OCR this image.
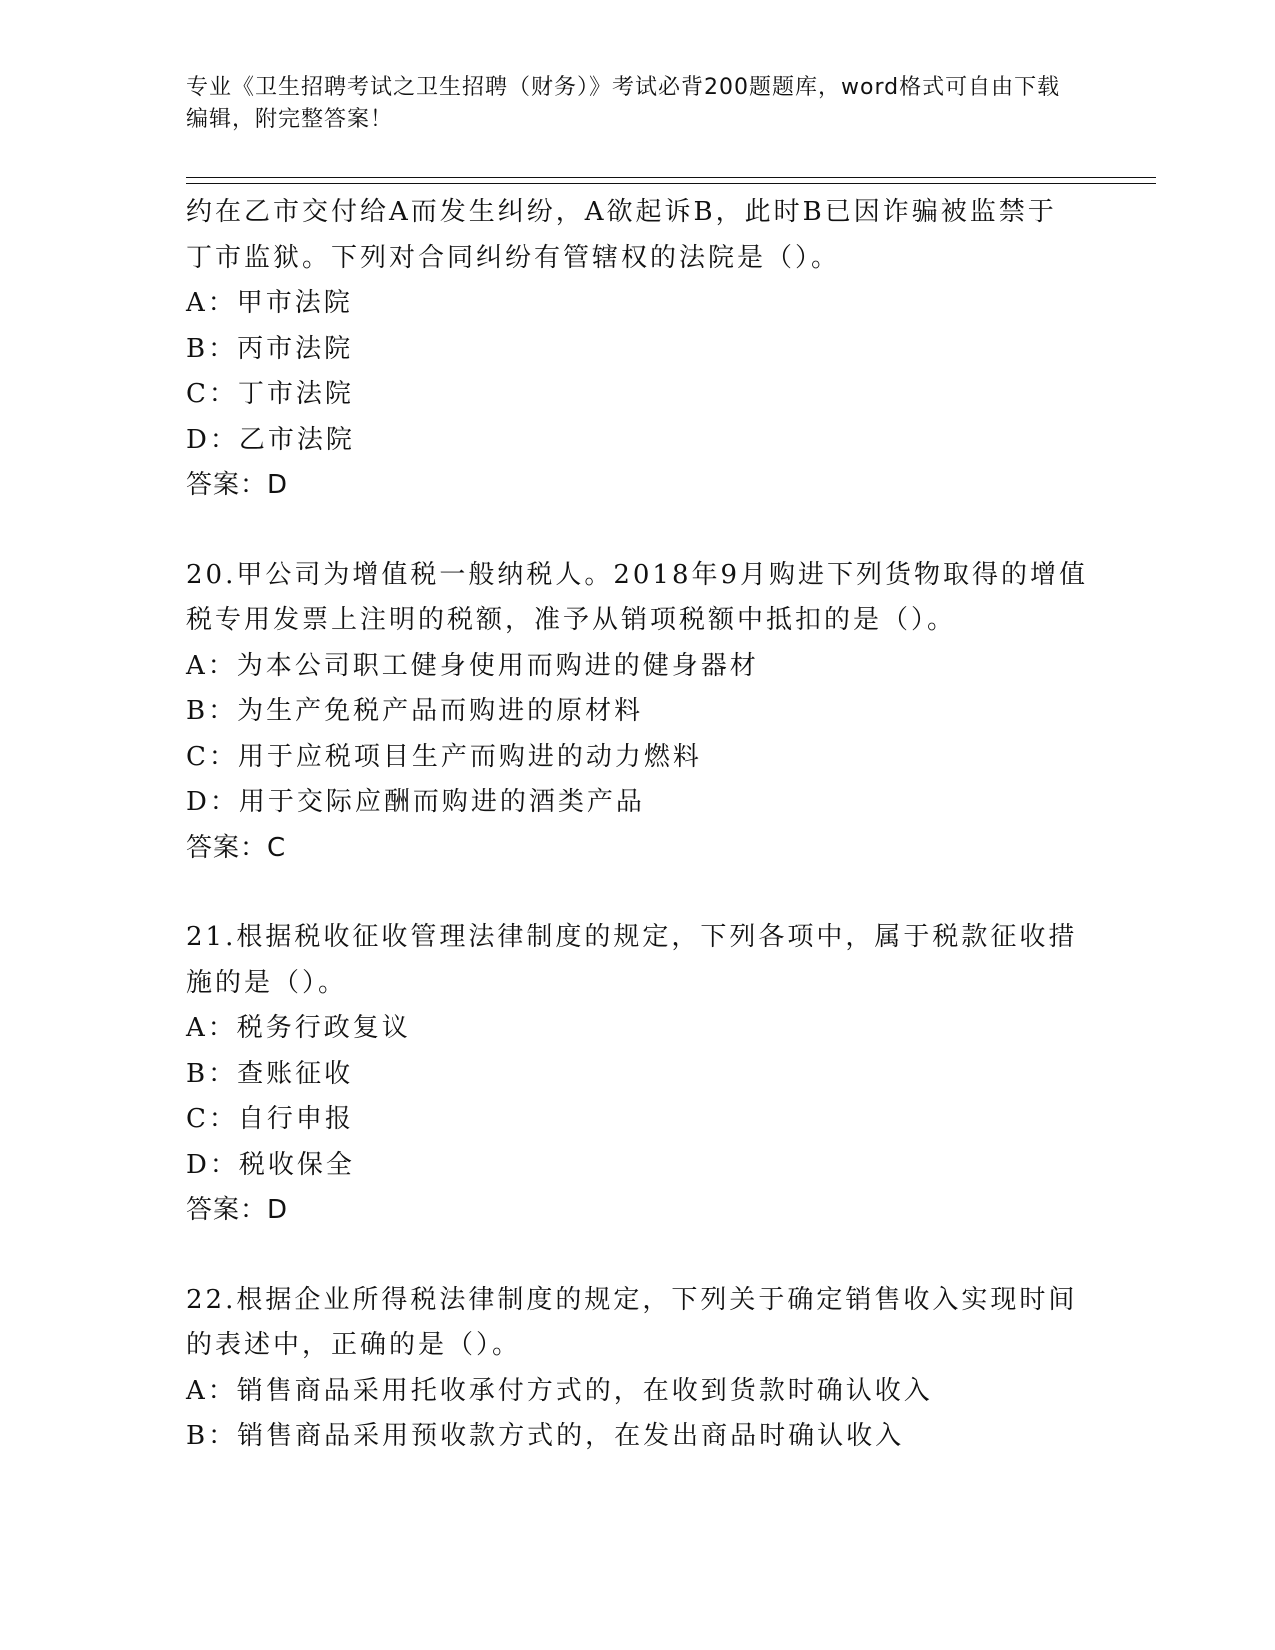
专业《卫生招聘考试之卫生招聘（财务）》考试必背200题题库，word格式可自由下载编辑，附完整答案！
约在乙市交付给A而发生纠纷，A欲起诉B，此时B已因诈骗被监禁于
丁市监狱。下列对合同纠纷有管辖权的法院是（）。
A：甲市法院
B：丙市法院
C：丁市法院
D：乙市法院
答案：D
20.甲公司为增值税一般纳税人。2018年9月购进下列货物取得的增值
税专用发票上注明的税额，准予从销项税额中抵扣的是（）。
A：为本公司职工健身使用而购进的健身器材
B：为生产免税产品而购进的原材料
C：用于应税项目生产而购进的动力燃料
D：用于交际应酬而购进的酒类产品
答案：C
21.根据税收征收管理法律制度的规定，下列各项中，属于税款征收措
施的是（）。
A：税务行政复议
B：查账征收
C：自行申报
D：税收保全
答案：D
22.根据企业所得税法律制度的规定，下列关于确定销售收入实现时间
的表述中，正确的是（）。
A：销售商品采用托收承付方式的，在收到货款时确认收入
B：销售商品采用预收款方式的，在发出商品时确认收入
